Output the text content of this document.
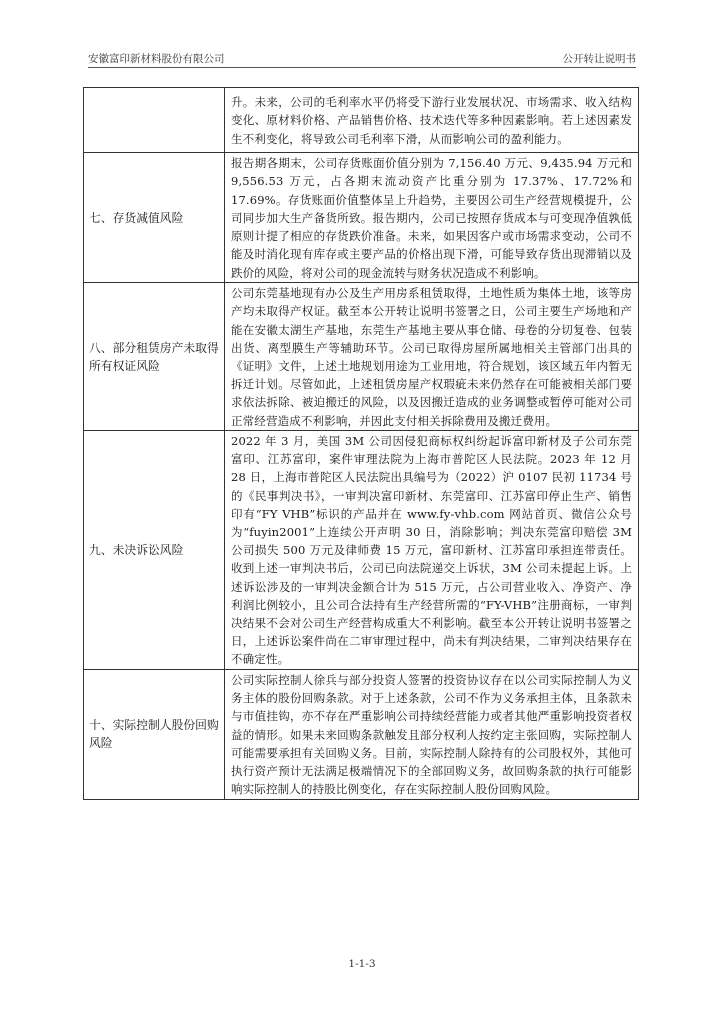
安徽富印新材料股份有限公司	公开转让说明书
	升。未来，公司的毛利率水平仍将受下游行业发展状况、市场需求、收入结构变化、原材料价格、产品销售价格、技术迭代等多种因素影响。若上述因素发生不利变化，将导致公司毛利率下滑，从而影响公司的盈利能力。
七、存货减值风险	报告期各期末，公司存货账面价值分别为 7,156.40 万元、9,435.94 万元和 9,556.53 万元，占各期末流动资产比重分别为 17.37%、17.72%和 17.69%。存货账面价值整体呈上升趋势，主要因公司生产经营规模提升，公司同步加大生产备货所致。报告期内，公司已按照存货成本与可变现净值孰低原则计提了相应的存货跌价准备。未来，如果因客户或市场需求变动，公司不能及时消化现有库存或主要产品的价格出现下滑，可能导致存货出现滞销以及跌价的风险，将对公司的现金流转与财务状况造成不利影响。
八、部分租赁房产未取得所有权证风险	公司东莞基地现有办公及生产用房系租赁取得，土地性质为集体土地，该等房产均未取得产权证。截至本公开转让说明书签署之日，公司主要生产场地和产能在安徽太湖生产基地，东莞生产基地主要从事仓储、母卷的分切复卷、包装出货、离型膜生产等辅助环节。公司已取得房屋所属地相关主管部门出具的《证明》文件，上述土地规划用途为工业用地，符合规划，该区域五年内暂无拆迁计划。尽管如此，上述租赁房屋产权瑕疵未来仍然存在可能被相关部门要求依法拆除、被迫搬迁的风险，以及因搬迁造成的业务调整或暂停可能对公司正常经营造成不利影响，并因此支付相关拆除费用及搬迁费用。
九、未决诉讼风险	2022 年 3 月，美国 3M 公司因侵犯商标权纠纷起诉富印新材及子公司东莞富印、江苏富印，案件审理法院为上海市普陀区人民法院。2023 年 12 月 28 日，上海市普陀区人民法院出具编号为（2022）沪 0107 民初 11734 号的《民事判决书》，一审判决富印新材、东莞富印、江苏富印停止生产、销售印有“FY VHB”标识的产品并在 www.fy-vhb.com 网站首页、微信公众号为“fuyin2001”上连续公开声明 30 日，消除影响；判决东莞富印赔偿 3M 公司损失 500 万元及律师费 15 万元，富印新材、江苏富印承担连带责任。收到上述一审判决书后，公司已向法院递交上诉状，3M 公司未提起上诉。上述诉讼涉及的一审判决金额合计为 515 万元，占公司营业收入、净资产、净利润比例较小，且公司合法持有生产经营所需的“FY-VHB”注册商标，一审判决结果不会对公司生产经营构成重大不利影响。截至本公开转让说明书签署之日，上述诉讼案件尚在二审审理过程中，尚未有判决结果，二审判决结果存在不确定性。
十、实际控制人股份回购风险	公司实际控制人徐兵与部分投资人签署的投资协议存在以公司实际控制人为义务主体的股份回购条款。对于上述条款，公司不作为义务承担主体，且条款未与市值挂钩，亦不存在严重影响公司持续经营能力或者其他严重影响投资者权益的情形。如果未来回购条款触发且部分权利人按约定主张回购，实际控制人可能需要承担有关回购义务。目前，实际控制人除持有的公司股权外，其他可执行资产预计无法满足极端情况下的全部回购义务，故回购条款的执行可能影响实际控制人的持股比例变化，存在实际控制人股份回购风险。
1-1-3
